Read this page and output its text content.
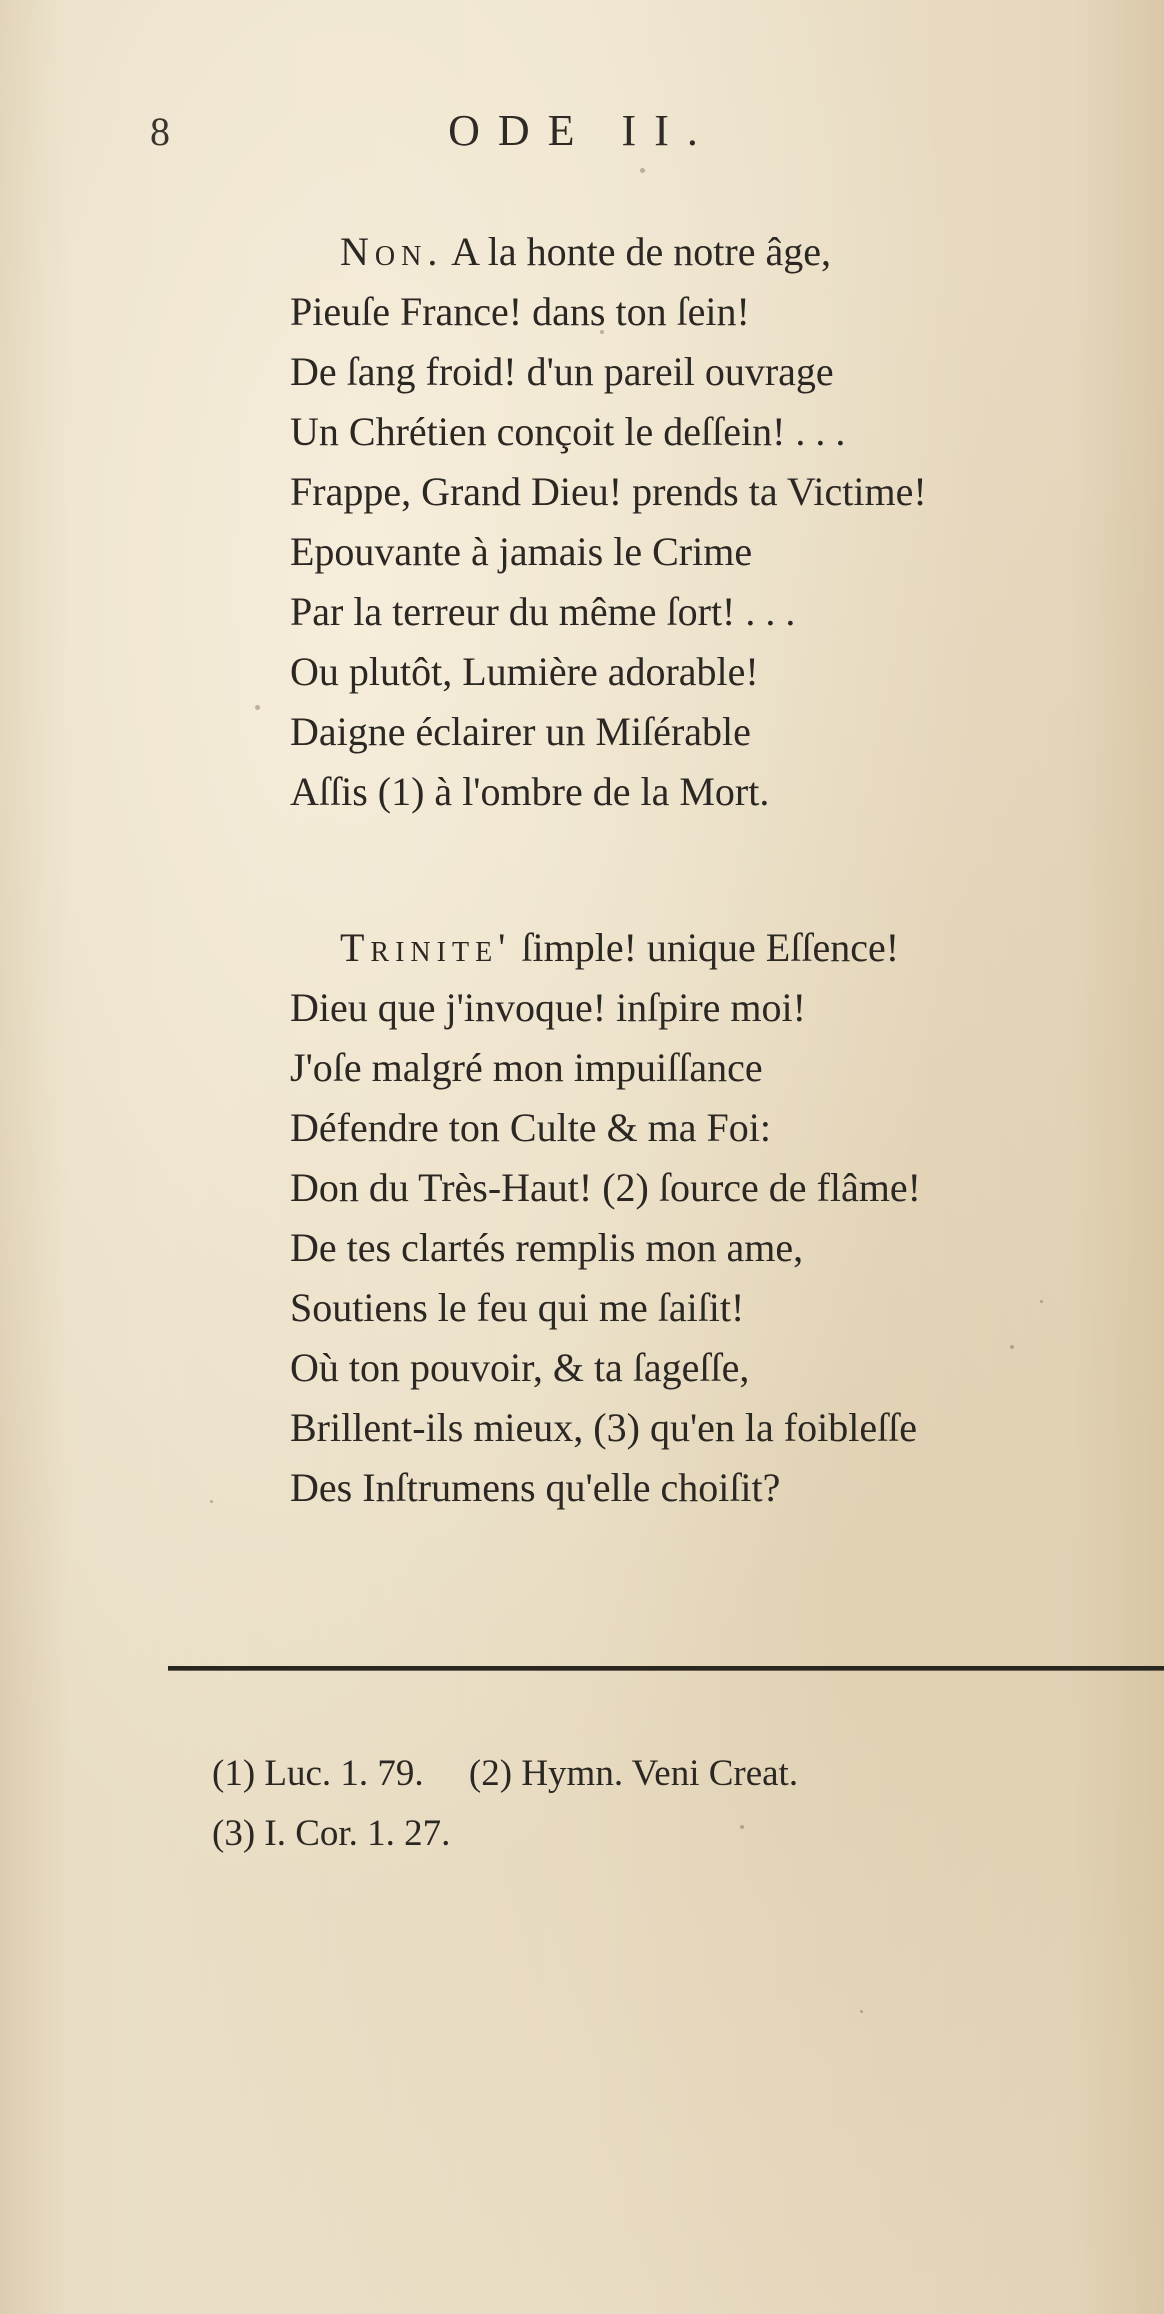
8	ODE II.
Non. A la honte de notre âge,
Pieuſe France! dans ton ſein!
De ſang froid! d'un pareil ouvrage
Un Chrétien conçoit le deſſein! . . .
Frappe, Grand Dieu! prends ta Victime!
Epouvante à jamais le Crime
Par la terreur du même ſort! . . .
Ou plutôt, Lumière adorable!
Daigne éclairer un Miſérable
Aſſis (1) à l'ombre de la Mort.
Trinite' ſimple! unique Eſſence!
Dieu que j'invoque! inſpire moi!
J'oſe malgré mon impuiſſance
Défendre ton Culte & ma Foi:
Don du Très-Haut! (2) ſource de flâme!
De tes clartés remplis mon ame,
Soutiens le feu qui me ſaiſit!
Où ton pouvoir, & ta ſageſſe,
Brillent-ils mieux, (3) qu'en la foibleſſe
Des Inſtrumens qu'elle choiſit?
(1) Luc. 1. 79. (2) Hymn. Veni Creat.
(3) I. Cor. 1. 27.
